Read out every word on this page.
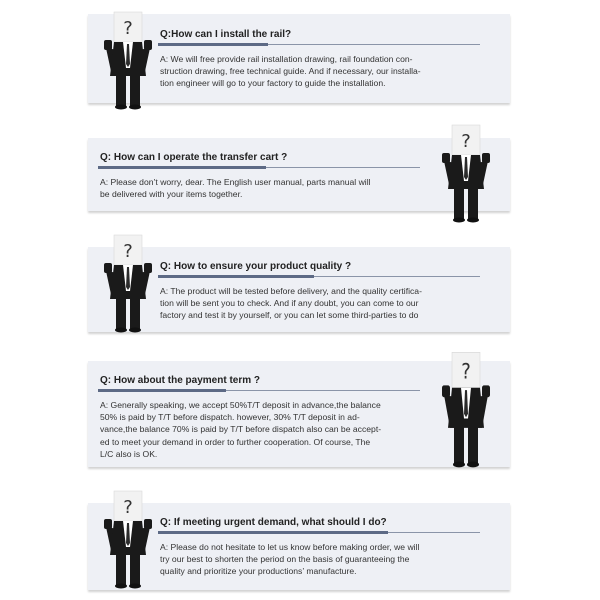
Q:How can I install the rail?
A: We will free provide rail installation drawing, rail foundation con-
struction drawing, free technical guide. And if necessary, our installa-
tion engineer will go to your factory to guide the installation.
Q: How can I operate the transfer cart ?
A: Please don’t worry, dear. The English user manual, parts manual will
be delivered with your items together.
Q: How to ensure your product quality ?
A: The product will be tested before delivery, and the quality certifica-
tion will be sent you to check. And if any doubt, you can come to our
factory and test it by yourself, or you can let some third-parties to do
Q: How about the payment term ?
A: Generally speaking, we accept 50%T/T deposit in advance,the balance
50% is paid by T/T before dispatch. however, 30% T/T deposit in ad-
vance,the balance 70% is paid by T/T before dispatch also can be accept-
ed to meet your demand in order to further cooperation. Of course, The
L/C also is OK.
Q: If meeting urgent demand, what should I do?
A: Please do not hesitate to let us know before making order, we will
try our best to shorten the period on the basis of guaranteeing the
quality and prioritize your productions’ manufacture.
?
?
?
?
?
